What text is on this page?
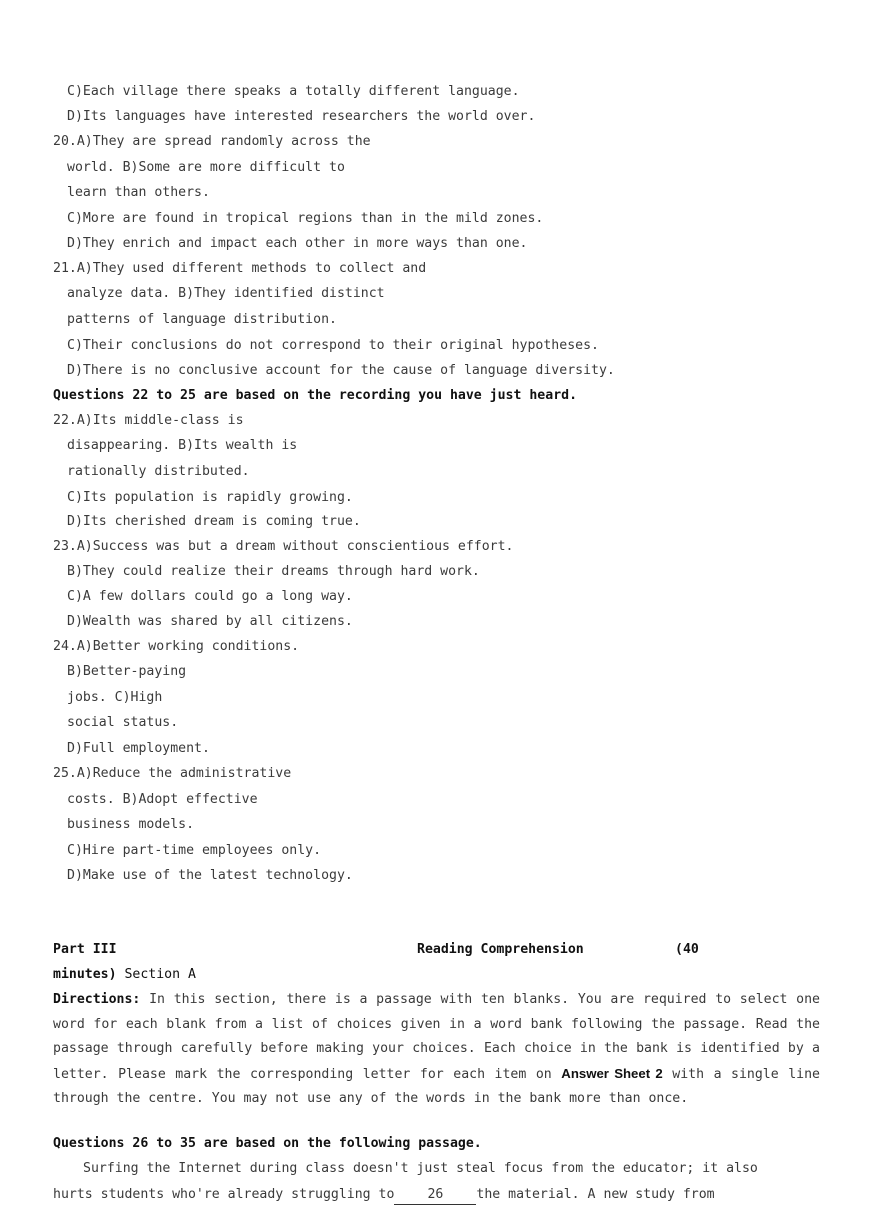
C)Each village there speaks a totally different language.
D)Its languages have interested researchers the world over.
20.A)They are spread randomly across the
world. B)Some are more difficult to
learn than others.
C)More are found in tropical regions than in the mild zones.
D)They enrich and impact each other in more ways than one.
21.A)They used different methods to collect and
analyze data. B)They identified distinct
patterns of language distribution.
C)Their conclusions do not correspond to their original hypotheses.
D)There is no conclusive account for the cause of language diversity.
Questions 22 to 25 are based on the recording you have just heard.
22.A)Its middle-class is
disappearing. B)Its wealth is
rationally distributed.
C)Its population is rapidly growing.
D)Its cherished dream is coming true.
23.A)Success was but a dream without conscientious effort.
B)They could realize their dreams through hard work.
C)A few dollars could go a long way.
D)Wealth was shared by all citizens.
24.A)Better working conditions.
B)Better-paying
jobs. C)High
social status.
D)Full employment.
25.A)Reduce the administrative
costs. B)Adopt effective
business models.
C)Hire part-time employees only.
D)Make use of the latest technology.
Part III	Reading Comprehension	(40
minutes) Section A
Directions: In this section, there is a passage with ten blanks. You are required to select one word for each blank from a list of choices given in a word bank following the passage. Read the passage through carefully before making your choices. Each choice in the bank is identified by a letter. Please mark the corresponding letter for each item on Answer Sheet 2 with a single line through the centre. You may not use any of the words in the bank more than once.
Questions 26 to 35 are based on the following passage.
Surfing the Internet during class doesn't just steal focus from the educator; it also
hurts students who're already struggling to	26	the material. A new study from
